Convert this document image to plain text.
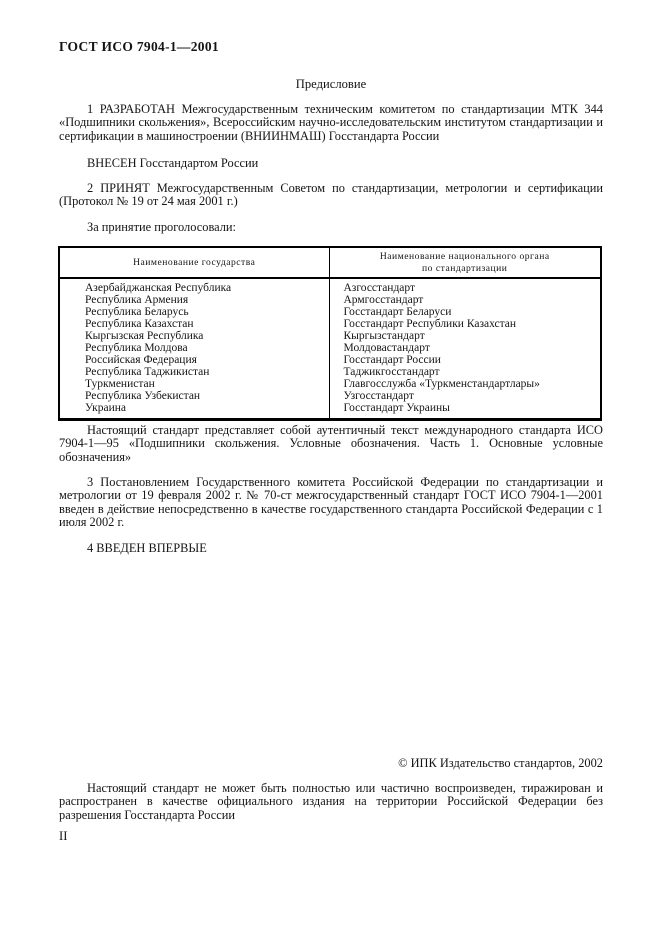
ГОСТ ИСО 7904-1—2001
Предисловие

1 РАЗРАБОТАН Межгосударственным техническим комитетом по стандартизации МТК 344 «Подшипники скольжения», Всероссийским научно-исследовательским институтом стандартизации и сертификации в машиностроении (ВНИИНМАШ) Госстандарта России

ВНЕСЕН Госстандартом России

2 ПРИНЯТ Межгосударственным Советом по стандартизации, метрологии и сертификации (Протокол № 19 от 24 мая 2001 г.)

За принятие проголосовали:

Наименование государства	Наименование национального органа
по стандартизации

Азербайджанская Республика	Азгосстандарт
Республика Армения	Армгосстандарт
Республика Беларусь	Госстандарт Беларуси
Республика Казахстан	Госстандарт Республики Казахстан
Кыргызская Республика	Кыргызстандарт
Республика Молдова	Молдовастандарт
Российская Федерация	Госстандарт России
Республика Таджикистан	Таджикгосстандарт
Туркменистан	Главгосслужба «Туркменстандартлары»
Республика Узбекистан	Узгосстандарт
Украина	Госстандарт Украины

Настоящий стандарт представляет собой аутентичный текст международного стандарта ИСО 7904-1—95 «Подшипники скольжения. Условные обозначения. Часть 1. Основные условные обозначения»

3 Постановлением Государственного комитета Российской Федерации по стандартизации и метрологии от 19 февраля 2002 г. № 70-ст межгосударственный стандарт ГОСТ ИСО 7904-1—2001 введен в действие непосредственно в качестве государственного стандарта Российской Федерации с 1 июля 2002 г.

4 ВВЕДЕН ВПЕРВЫЕ

© ИПК Издательство стандартов, 2002

Настоящий стандарт не может быть полностью или частично воспроизведен, тиражирован и распространен в качестве официального издания на территории Российской Федерации без разрешения Госстандарта России

II
